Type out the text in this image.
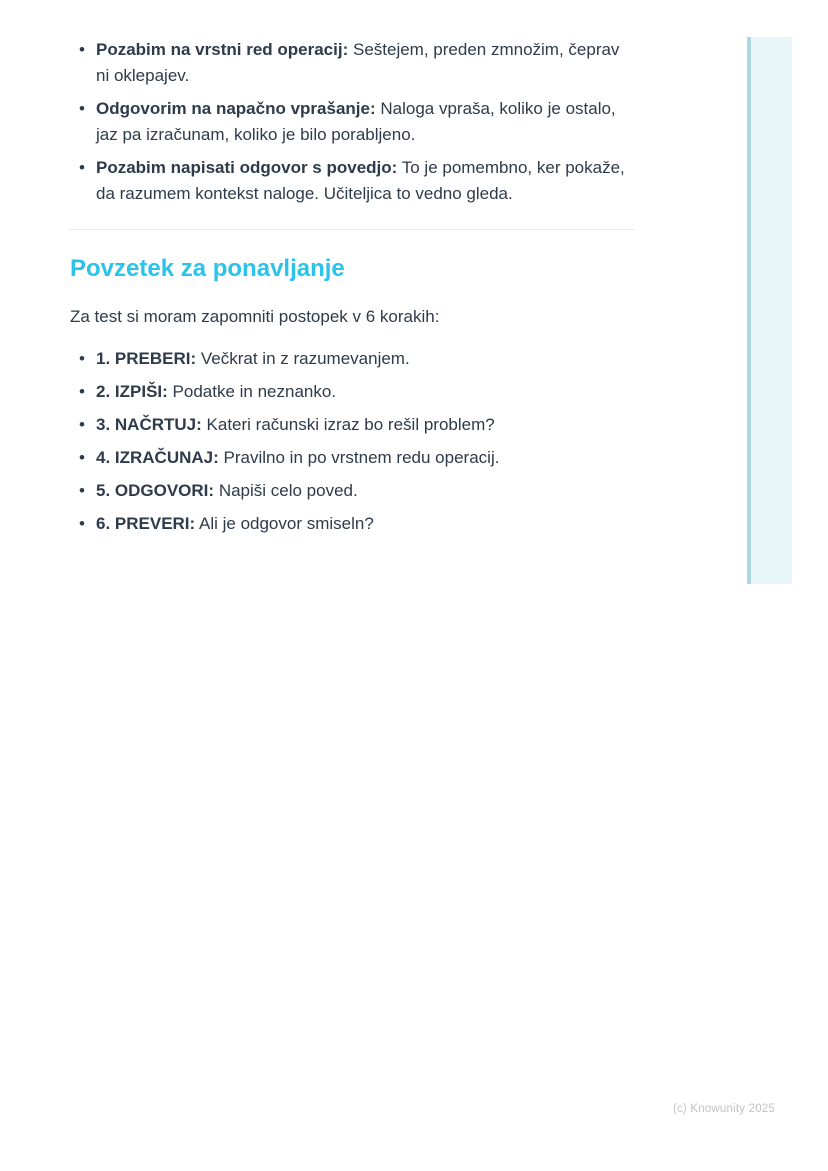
• Pozabim na vrstni red operacij: Seštejem, preden zmnožim, čeprav ni oklepajev.
• Odgovorim na napačno vprašanje: Naloga vpraša, koliko je ostalo, jaz pa izračunam, koliko je bilo porabljeno.
• Pozabim napisati odgovor s povedjo: To je pomembno, ker pokaže, da razumem kontekst naloge. Učiteljica to vedno gleda.
Povzetek za ponavljanje

Za test si moram zapomniti postopek v 6 korakih:

• 1. PREBERI: Večkrat in z razumevanjem.
• 2. IZPIŠI: Podatke in neznanko.
• 3. NAČRTUJ: Kateri računski izraz bo rešil problem?
• 4. IZRAČUNAJ: Pravilno in po vrstnem redu operacij.
• 5. ODGOVORI: Napiši celo poved.
• 6. PREVERI: Ali je odgovor smiseln?
(c) Knowunity 2025
